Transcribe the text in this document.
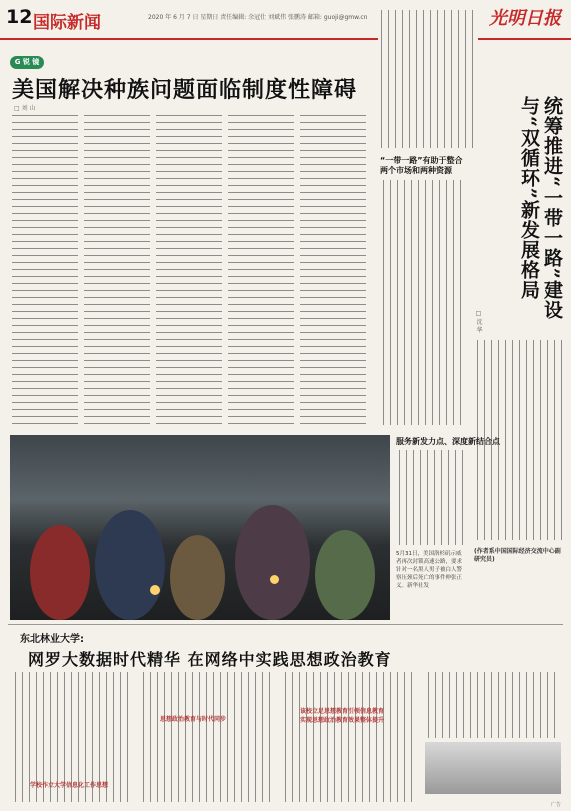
12 国际新闻	2020 年 6 月 7 日 星期日 责任编辑: 余冠仕 刘斌伟 张鹏涛 邮箱: guoji@gmw.cn	光明日报
G 锐 镜
美国解决种族问题面临制度性障碍
□ 刘 山	统筹推进“一带一路”建设
与“双循环”新发展格局
□ 沈 华
“一带一路”有助于整合两个市场和两种资源
服务新发力点、深度新结合点
(作者系中国国际经济交流中心副研究员)
5月31日，美国洛杉矶示威者再次封锁高速公路，要求针对一名黑人男子被白人警察压颈后死亡的事件伸张正义。新华社发
东北林业大学:
网罗大数据时代精华 在网络中实践思想政治教育
学校作立大学信息化工作思想
思想政治教育与时代同步
该校立足思想教育引领信息教育
实现思想政治教育效果整体提升
广告
